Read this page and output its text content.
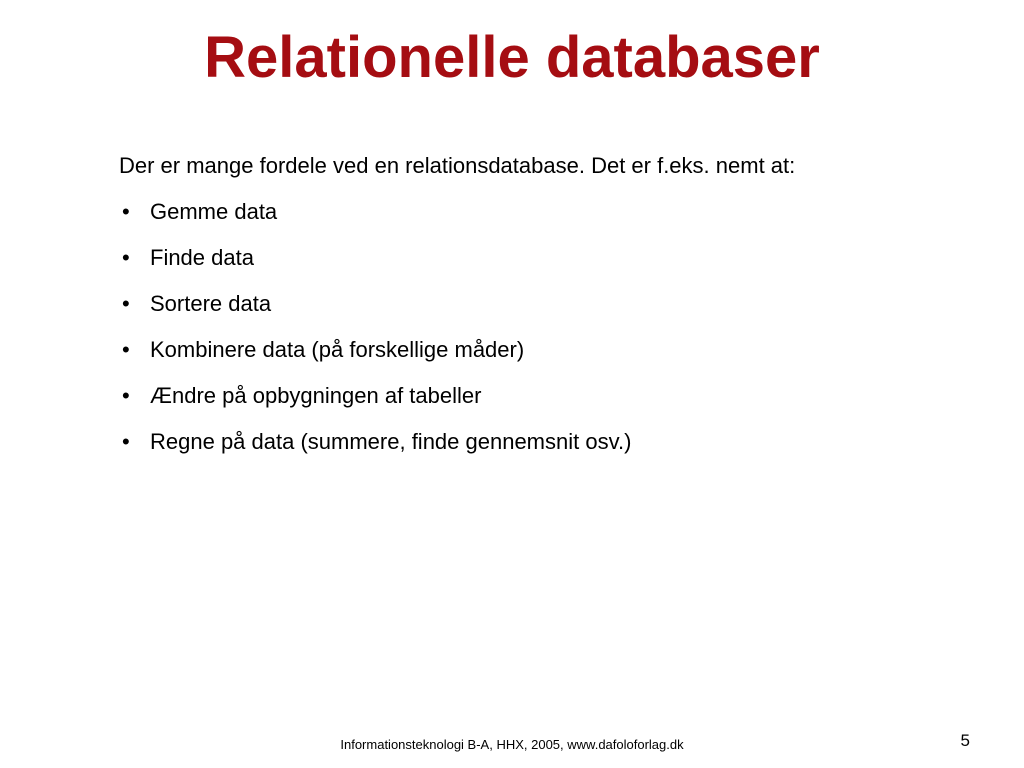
Relationelle databaser

Der er mange fordele ved en relationsdatabase. Det er f.eks. nemt at:

• Gemme data
• Finde data
• Sortere data
• Kombinere data (på forskellige måder)
• Ændre på opbygningen af tabeller
• Regne på data (summere, finde gennemsnit osv.)
Informationsteknologi B-A, HHX, 2005, www.dafoloforlag.dk	5
